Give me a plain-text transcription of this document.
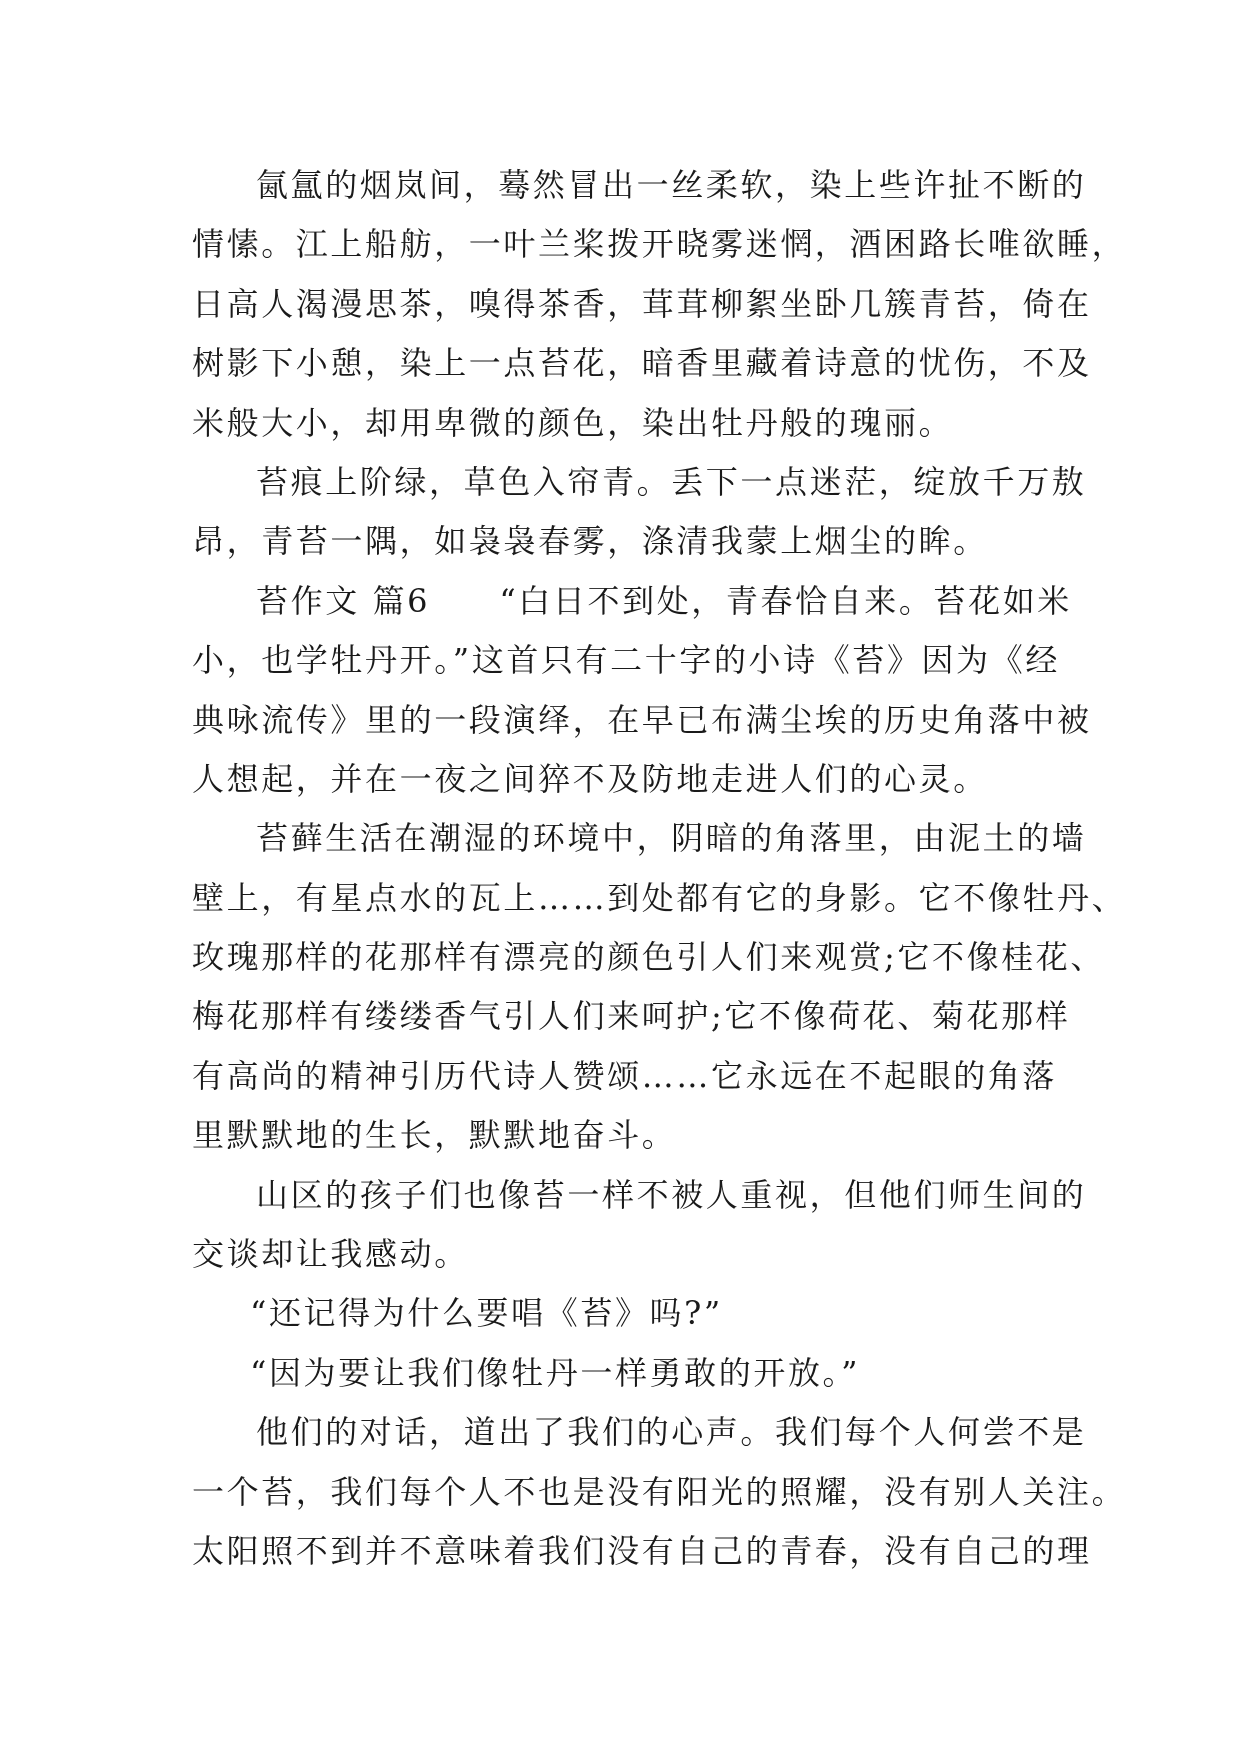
氤氲的烟岚间，蓦然冒出一丝柔软，染上些许扯不断的
情愫。江上船舫，一叶兰桨拨开晓雾迷惘，酒困路长唯欲睡，
日高人渴漫思茶，嗅得茶香，茸茸柳絮坐卧几簇青苔，倚在
树影下小憩，染上一点苔花，暗香里藏着诗意的忧伤，不及
米般大小，却用卑微的颜色，染出牡丹般的瑰丽。
苔痕上阶绿，草色入帘青。丢下一点迷茫，绽放千万敖
昂，青苔一隅，如袅袅春雾，涤清我蒙上烟尘的眸。
苔作文 篇6　　“白日不到处，青春恰自来。苔花如米
小，也学牡丹开。”这首只有二十字的小诗《苔》因为《经
典咏流传》里的一段演绎，在早已布满尘埃的历史角落中被
人想起，并在一夜之间猝不及防地走进人们的心灵。
苔藓生活在潮湿的环境中，阴暗的角落里，由泥土的墙
壁上，有星点水的瓦上……到处都有它的身影。它不像牡丹、
玫瑰那样的花那样有漂亮的颜色引人们来观赏;它不像桂花、
梅花那样有缕缕香气引人们来呵护;它不像荷花、菊花那样
有高尚的精神引历代诗人赞颂……它永远在不起眼的角落
里默默地的生长，默默地奋斗。
山区的孩子们也像苔一样不被人重视，但他们师生间的
交谈却让我感动。
“还记得为什么要唱《苔》吗?”
“因为要让我们像牡丹一样勇敢的开放。”
他们的对话，道出了我们的心声。我们每个人何尝不是
一个苔，我们每个人不也是没有阳光的照耀，没有别人关注。
太阳照不到并不意味着我们没有自己的青春，没有自己的理
